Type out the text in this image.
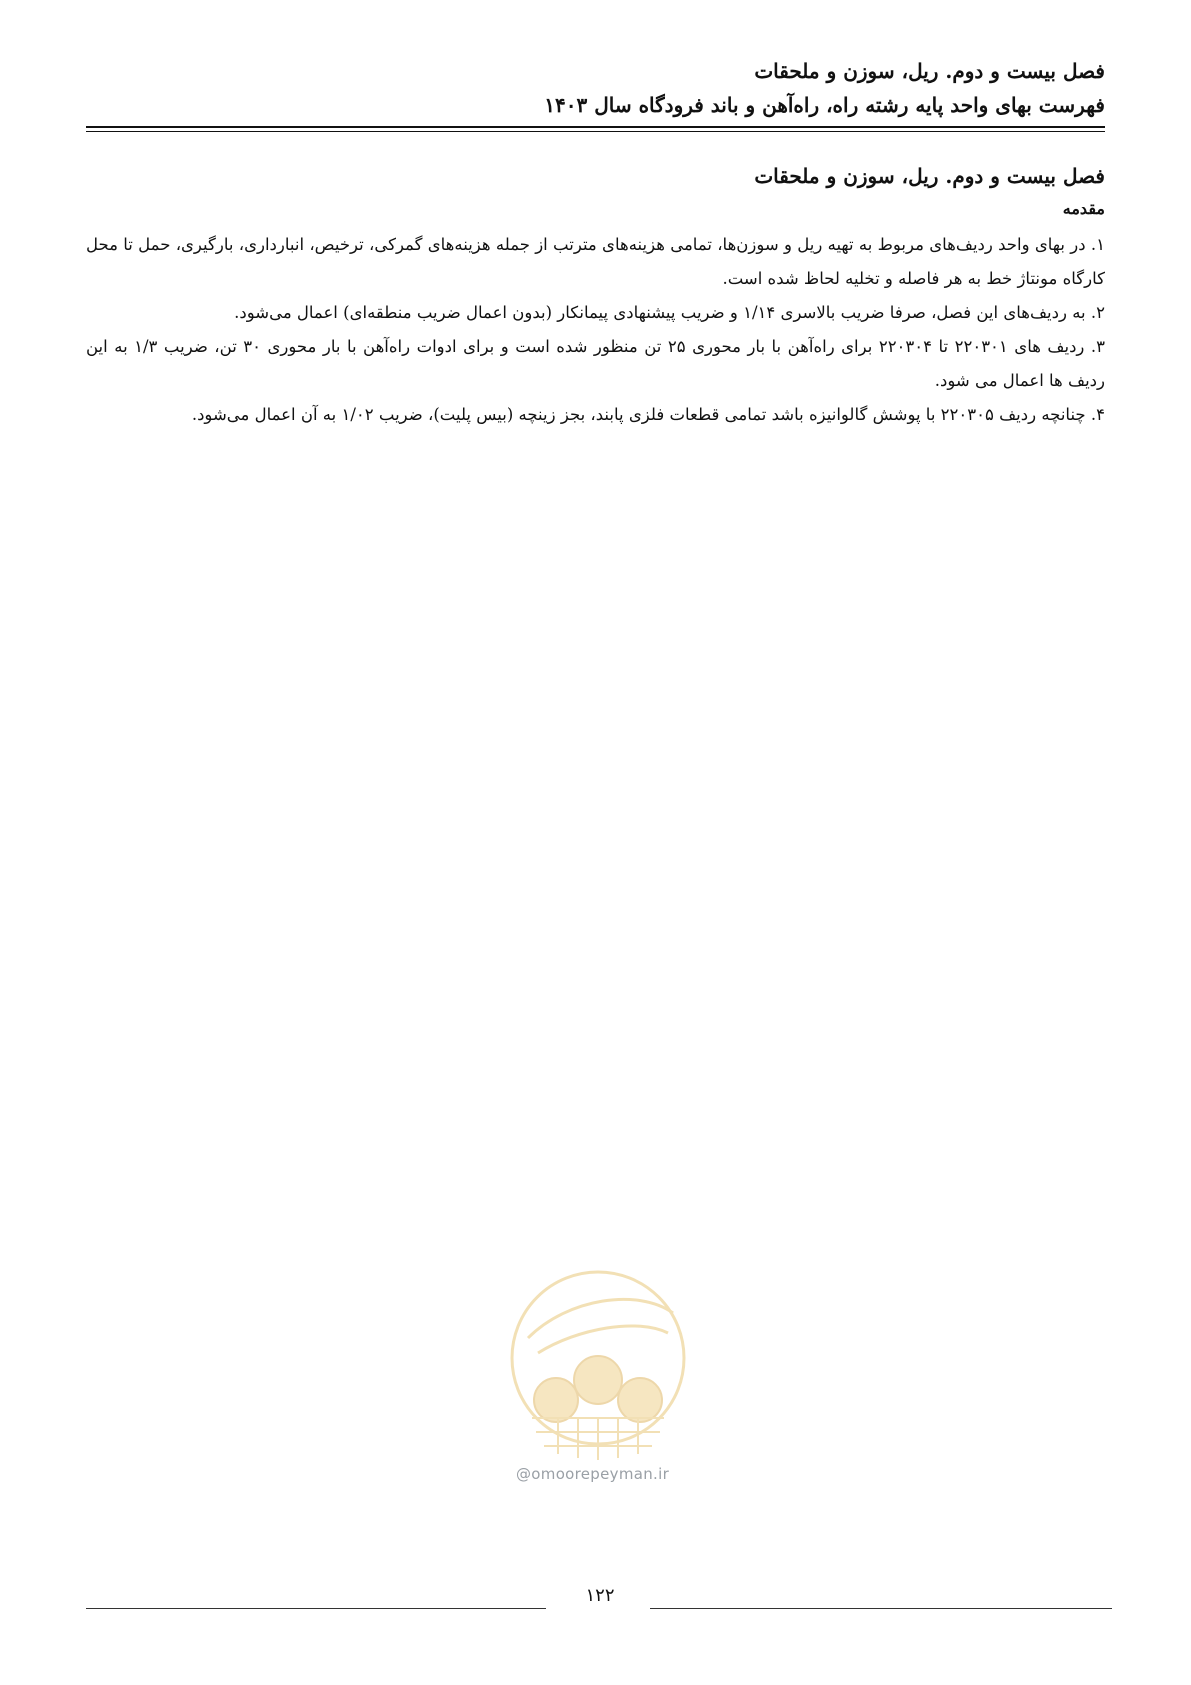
فصل بیست و دوم. ریل، سوزن و ملحقات
فهرست بهای واحد پایه رشته راه، راه‌آهن و باند فرودگاه سال ۱۴۰۳
فصل بیست و دوم. ریل، سوزن و ملحقات
مقدمه

۱. در بهای واحد ردیف‌های مربوط به تهیه ریل و سوزن‌ها، تمامی هزینه‌های مترتب از جمله هزینه‌های گمرکی، ترخیص، انبارداری، بارگیری، حمل تا محل کارگاه مونتاژ خط به هر فاصله و تخلیه لحاظ شده است.

۲. به ردیف‌های این فصل، صرفا ضریب بالاسری ۱/۱۴ و ضریب پیشنهادی پیمانکار (بدون اعمال ضریب منطقه‌ای) اعمال می‌شود.

۳. ردیف های ۲۲۰۳۰۱ تا ۲۲۰۳۰۴ برای راه‌آهن با بار محوری ۲۵ تن منظور شده است و برای ادوات راه‌آهن با بار محوری ۳۰ تن، ضریب ۱/۳ به این ردیف ها اعمال می شود.

۴. چنانچه ردیف ۲۲۰۳۰۵ با پوشش گالوانیزه باشد تمامی قطعات فلزی پابند، بجز زینچه (بیس پلیت)، ضریب ۱/۰۲ به آن اعمال می‌شود.

@omoorepeyman.ir
۱۲۲
